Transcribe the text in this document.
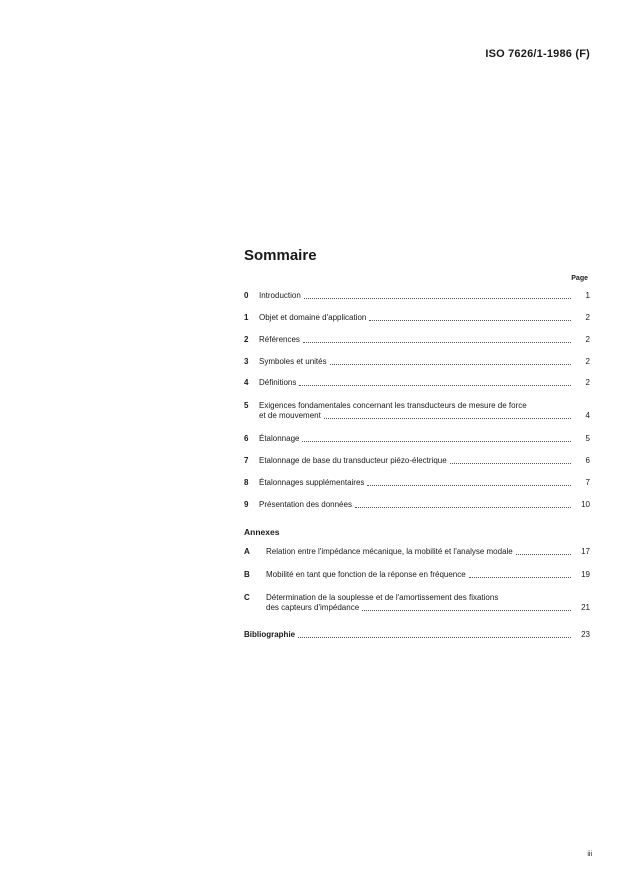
ISO 7626/1-1986 (F)
Sommaire
Page
0	Introduction	1
1	Objet et domaine d'application	2
2	Références	2
3	Symboles et unités	2
4	Définitions	2
5	Exigences fondamentales concernant les transducteurs de mesure de force
et de mouvement	4
6	Étalonnage	5
7	Etalonnage de base du transducteur piézo-électrique	6
8	Étalonnages supplémentaires	7
9	Présentation des données	10
Annexes
A	Relation entre l'impédance mécanique, la mobilité et l'analyse modale	17
B	Mobilité en tant que fonction de la réponse en fréquence	19
C	Détermination de la souplesse et de l'amortissement des fixations
des capteurs d'impédance	21
Bibliographie	23
iii
